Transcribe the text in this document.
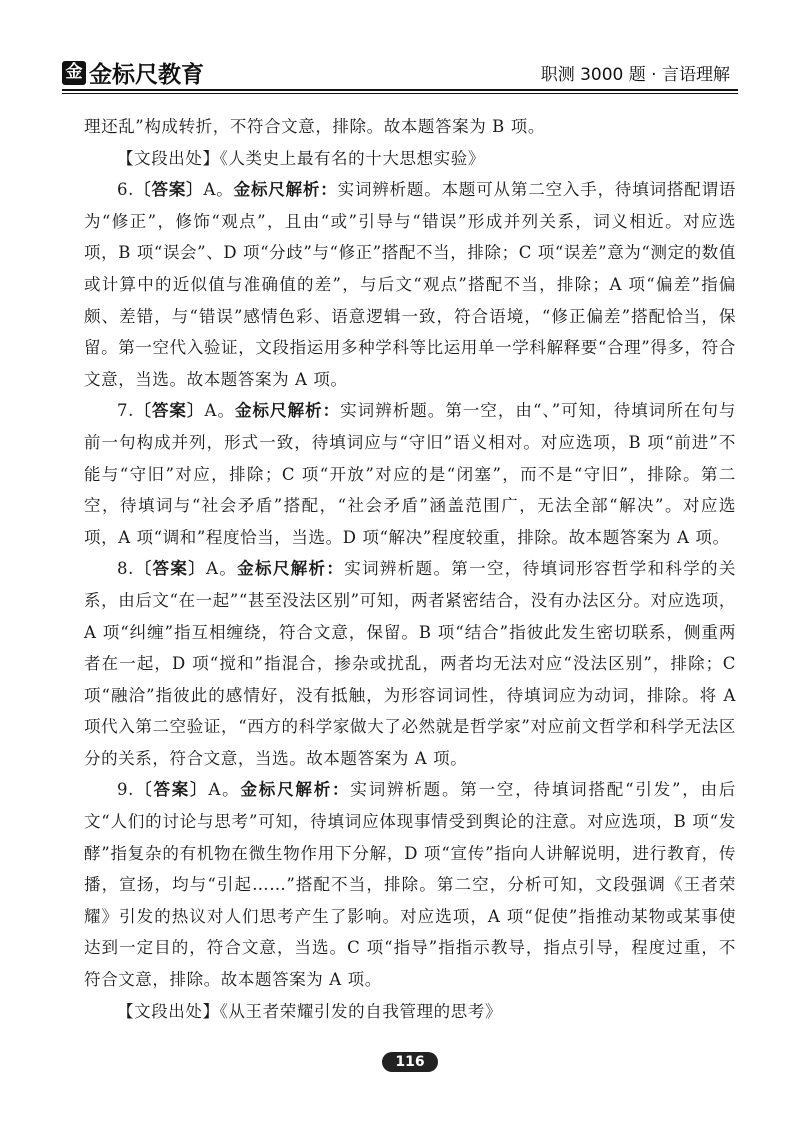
金 金标尺教育	职测 3000 题 · 言语理解

理还乱”构成转折，不符合文意，排除。故本题答案为 B 项。

【文段出处】《人类史上最有名的十大思想实验》

6.〔答案〕A。金标尺解析：实词辨析题。本题可从第二空入手，待填词搭配谓语为“修正”，修饰“观点”，且由“或”引导与“错误”形成并列关系，词义相近。对应选项，B 项“误会”、D 项“分歧”与“修正”搭配不当，排除；C 项“误差”意为“测定的数值或计算中的近似值与准确值的差”，与后文“观点”搭配不当，排除；A 项“偏差”指偏颇、差错，与“错误”感情色彩、语意逻辑一致，符合语境，“修正偏差”搭配恰当，保留。第一空代入验证，文段指运用多种学科等比运用单一学科解释要“合理”得多，符合文意，当选。故本题答案为 A 项。

7.〔答案〕A。金标尺解析：实词辨析题。第一空，由“、”可知，待填词所在句与前一句构成并列，形式一致，待填词应与“守旧”语义相对。对应选项，B 项“前进”不能与“守旧”对应，排除；C 项“开放”对应的是“闭塞”，而不是“守旧”，排除。第二空，待填词与“社会矛盾”搭配，“社会矛盾”涵盖范围广，无法全部“解决”。对应选项，A 项“调和”程度恰当，当选。D 项“解决”程度较重，排除。故本题答案为 A 项。

8.〔答案〕A。金标尺解析：实词辨析题。第一空，待填词形容哲学和科学的关系，由后文“在一起”“甚至没法区别”可知，两者紧密结合，没有办法区分。对应选项，A 项“纠缠”指互相缠绕，符合文意，保留。B 项“结合”指彼此发生密切联系，侧重两者在一起，D 项“搅和”指混合，掺杂或扰乱，两者均无法对应“没法区别”，排除；C 项“融洽”指彼此的感情好，没有抵触，为形容词词性，待填词应为动词，排除。将 A 项代入第二空验证，“西方的科学家做大了必然就是哲学家”对应前文哲学和科学无法区分的关系，符合文意，当选。故本题答案为 A 项。

9.〔答案〕A。金标尺解析：实词辨析题。第一空，待填词搭配“引发”，由后文“人们的讨论与思考”可知，待填词应体现事情受到舆论的注意。对应选项，B 项“发酵”指复杂的有机物在微生物作用下分解，D 项“宣传”指向人讲解说明，进行教育，传播，宣扬，均与“引起……”搭配不当，排除。第二空，分析可知，文段强调《王者荣耀》引发的热议对人们思考产生了影响。对应选项，A 项“促使”指推动某物或某事使达到一定目的，符合文意，当选。C 项“指导”指指示教导，指点引导，程度过重，不符合文意，排除。故本题答案为 A 项。

【文段出处】《从王者荣耀引发的自我管理的思考》

116
